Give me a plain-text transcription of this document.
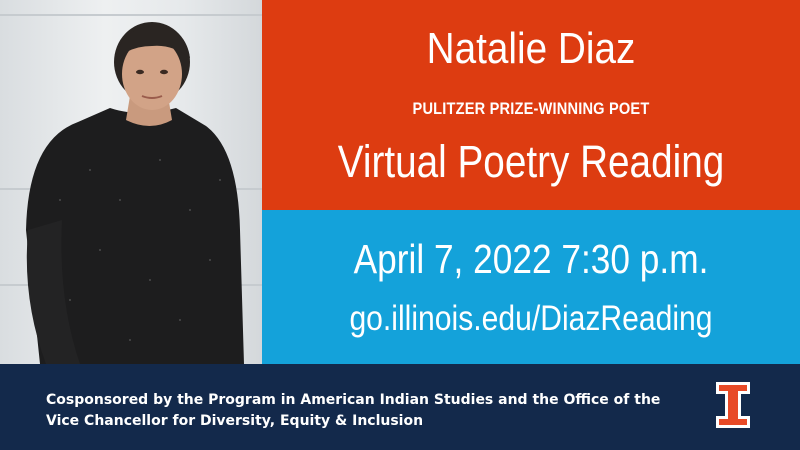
Natalie Diaz
PULITZER PRIZE-WINNING POET
Virtual Poetry Reading
April 7, 2022 7:30 p.m.
go.illinois.edu/DiazReading
Cosponsored by the Program in American Indian Studies and the Office of the Vice Chancellor for Diversity, Equity & Inclusion
